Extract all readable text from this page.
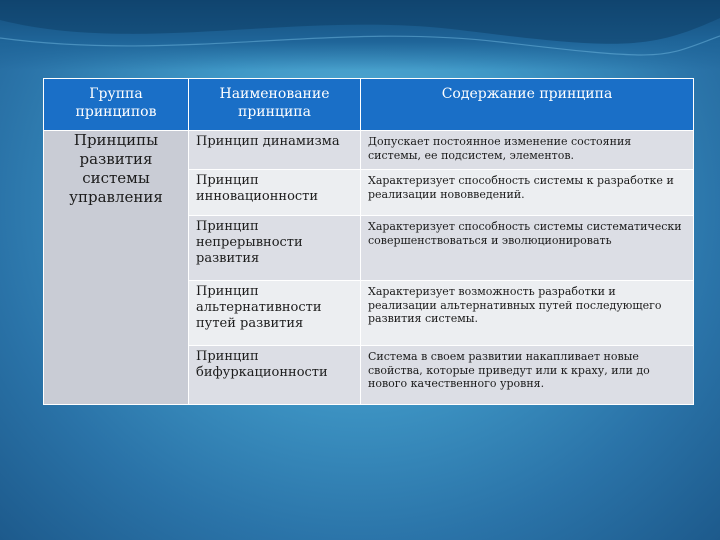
Группа принципов	Наименование принципа	Содержание принципа
Принципы развития системы управления	Принцип динамизма	Допускает постоянное изменение состояния системы, ее подсистем, элементов.
	Принцип инновационности	Характеризует способность системы к разработке и реализации нововведений.
	Принцип непрерывности развития	Характеризует способность системы систематически совершенствоваться и эволюционировать
	Принцип альтернативности путей развития	Характеризует возможность разработки и реализации альтернативных путей последующего развития системы.
	Принцип бифуркационности	Система в своем развитии накапливает новые свойства, которые приведут или к краху, или до нового качественного уровня.
